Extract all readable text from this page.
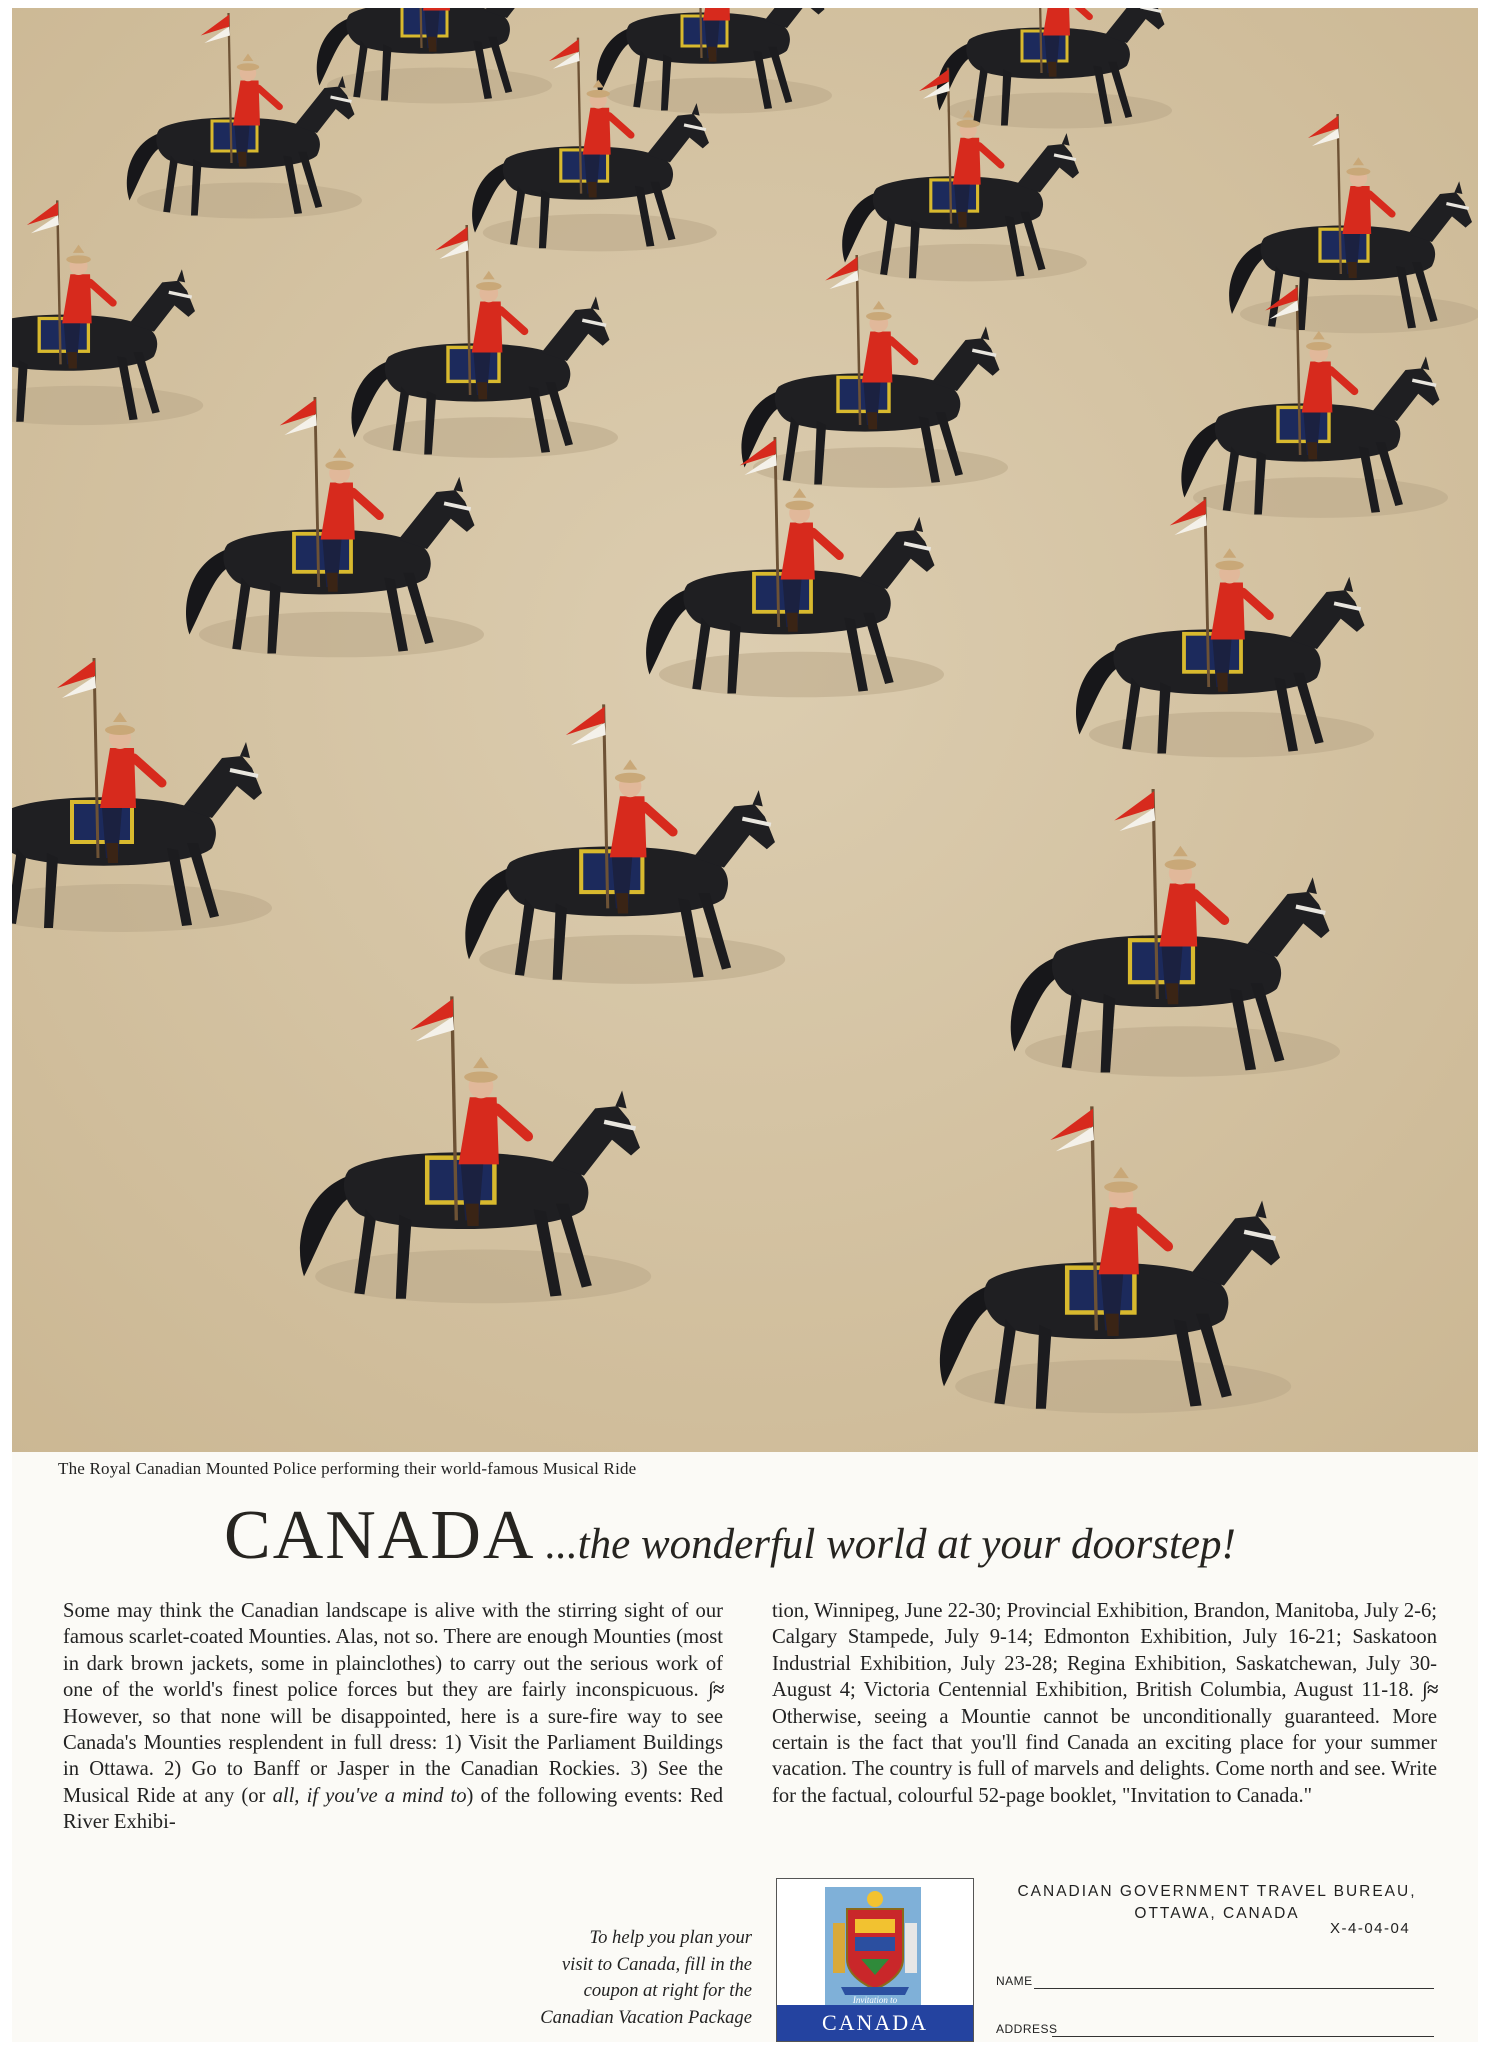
The Royal Canadian Mounted Police performing their world-famous Musical Ride
CANADA ...the wonderful world at your doorstep!
Some may think the Canadian landscape is alive with the stirring sight of our famous scarlet-coated Mounties. Alas, not so. There are enough Mounties (most in dark brown jackets, some in plainclothes) to carry out the serious work of one of the world's finest police forces but they are fairly inconspicuous. ∫≈ However, so that none will be disappointed, here is a sure-fire way to see Canada's Mounties resplendent in full dress: 1) Visit the Parliament Buildings in Ottawa. 2) Go to Banff or Jasper in the Canadian Rockies. 3) See the Musical Ride at any (or all, if you've a mind to) of the following events: Red River Exhibi-
tion, Winnipeg, June 22-30; Provincial Exhibition, Brandon, Manitoba, July 2-6; Calgary Stampede, July 9-14; Edmonton Exhibition, July 16-21; Saskatoon Industrial Exhibition, July 23-28; Regina Exhibition, Saskatchewan, July 30-August 4; Victoria Centennial Exhibition, British Columbia, August 11-18. ∫≈ Otherwise, seeing a Mountie cannot be unconditionally guaranteed. More certain is the fact that you'll find Canada an exciting place for your summer vacation. The country is full of marvels and delights. Come north and see. Write for the factual, colourful 52-page booklet, "Invitation to Canada."
To help you plan your
visit to Canada, fill in the
coupon at right for the
Canadian Vacation Package
Invitation to
CANADA
CANADIAN GOVERNMENT TRAVEL BUREAU,
OTTAWA, CANADA
X-4-04-04
NAME
ADDRESS
